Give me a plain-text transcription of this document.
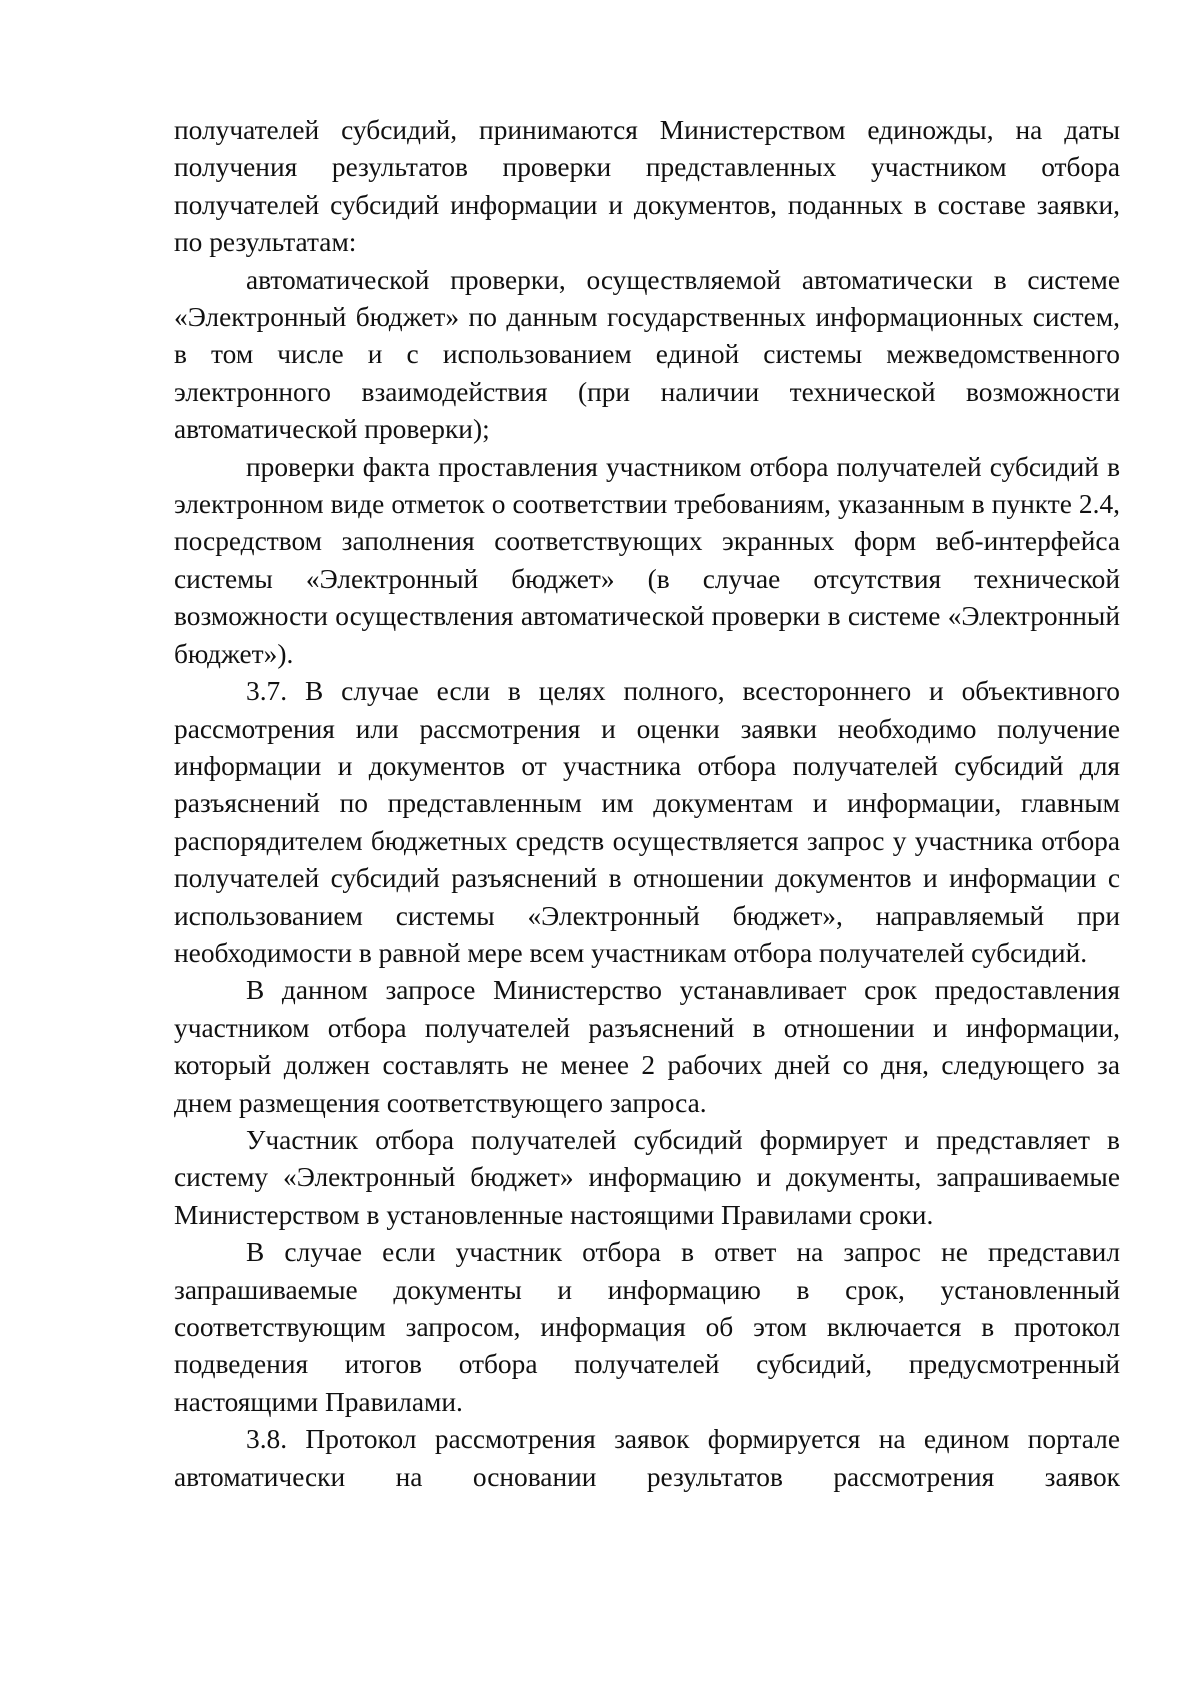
получателей субсидий, принимаются Министерством единожды, на даты получения результатов проверки представленных участником отбора получателей субсидий информации и документов, поданных в составе заявки, по результатам:

автоматической проверки, осуществляемой автоматически в системе «Электронный бюджет» по данным государственных информационных систем, в том числе и с использованием единой системы межведомственного электронного взаимодействия (при наличии технической возможности автоматической проверки);

проверки факта проставления участником отбора получателей субсидий в электронном виде отметок о соответствии требованиям, указанным в пункте 2.4, посредством заполнения соответствующих экранных форм веб-интерфейса системы «Электронный бюджет» (в случае отсутствия технической возможности осуществления автоматической проверки в системе «Электронный бюджет»).

3.7. В случае если в целях полного, всестороннего и объективного рассмотрения или рассмотрения и оценки заявки необходимо получение информации и документов от участника отбора получателей субсидий для разъяснений по представленным им документам и информации, главным распорядителем бюджетных средств осуществляется запрос у участника отбора получателей субсидий разъяснений в отношении документов и информации с использованием системы «Электронный бюджет», направляемый при необходимости в равной мере всем участникам отбора получателей субсидий.

В данном запросе Министерство устанавливает срок предоставления участником отбора получателей разъяснений в отношении и информации, который должен составлять не менее 2 рабочих дней со дня, следующего за днем размещения соответствующего запроса.

Участник отбора получателей субсидий формирует и представляет в систему «Электронный бюджет» информацию и документы, запрашиваемые Министерством в установленные настоящими Правилами сроки.

В случае если участник отбора в ответ на запрос не представил запрашиваемые документы и информацию в срок, установленный соответствующим запросом, информация об этом включается в протокол подведения итогов отбора получателей субсидий, предусмотренный настоящими Правилами.

3.8. Протокол рассмотрения заявок формируется на едином портале автоматически на основании результатов рассмотрения заявок
